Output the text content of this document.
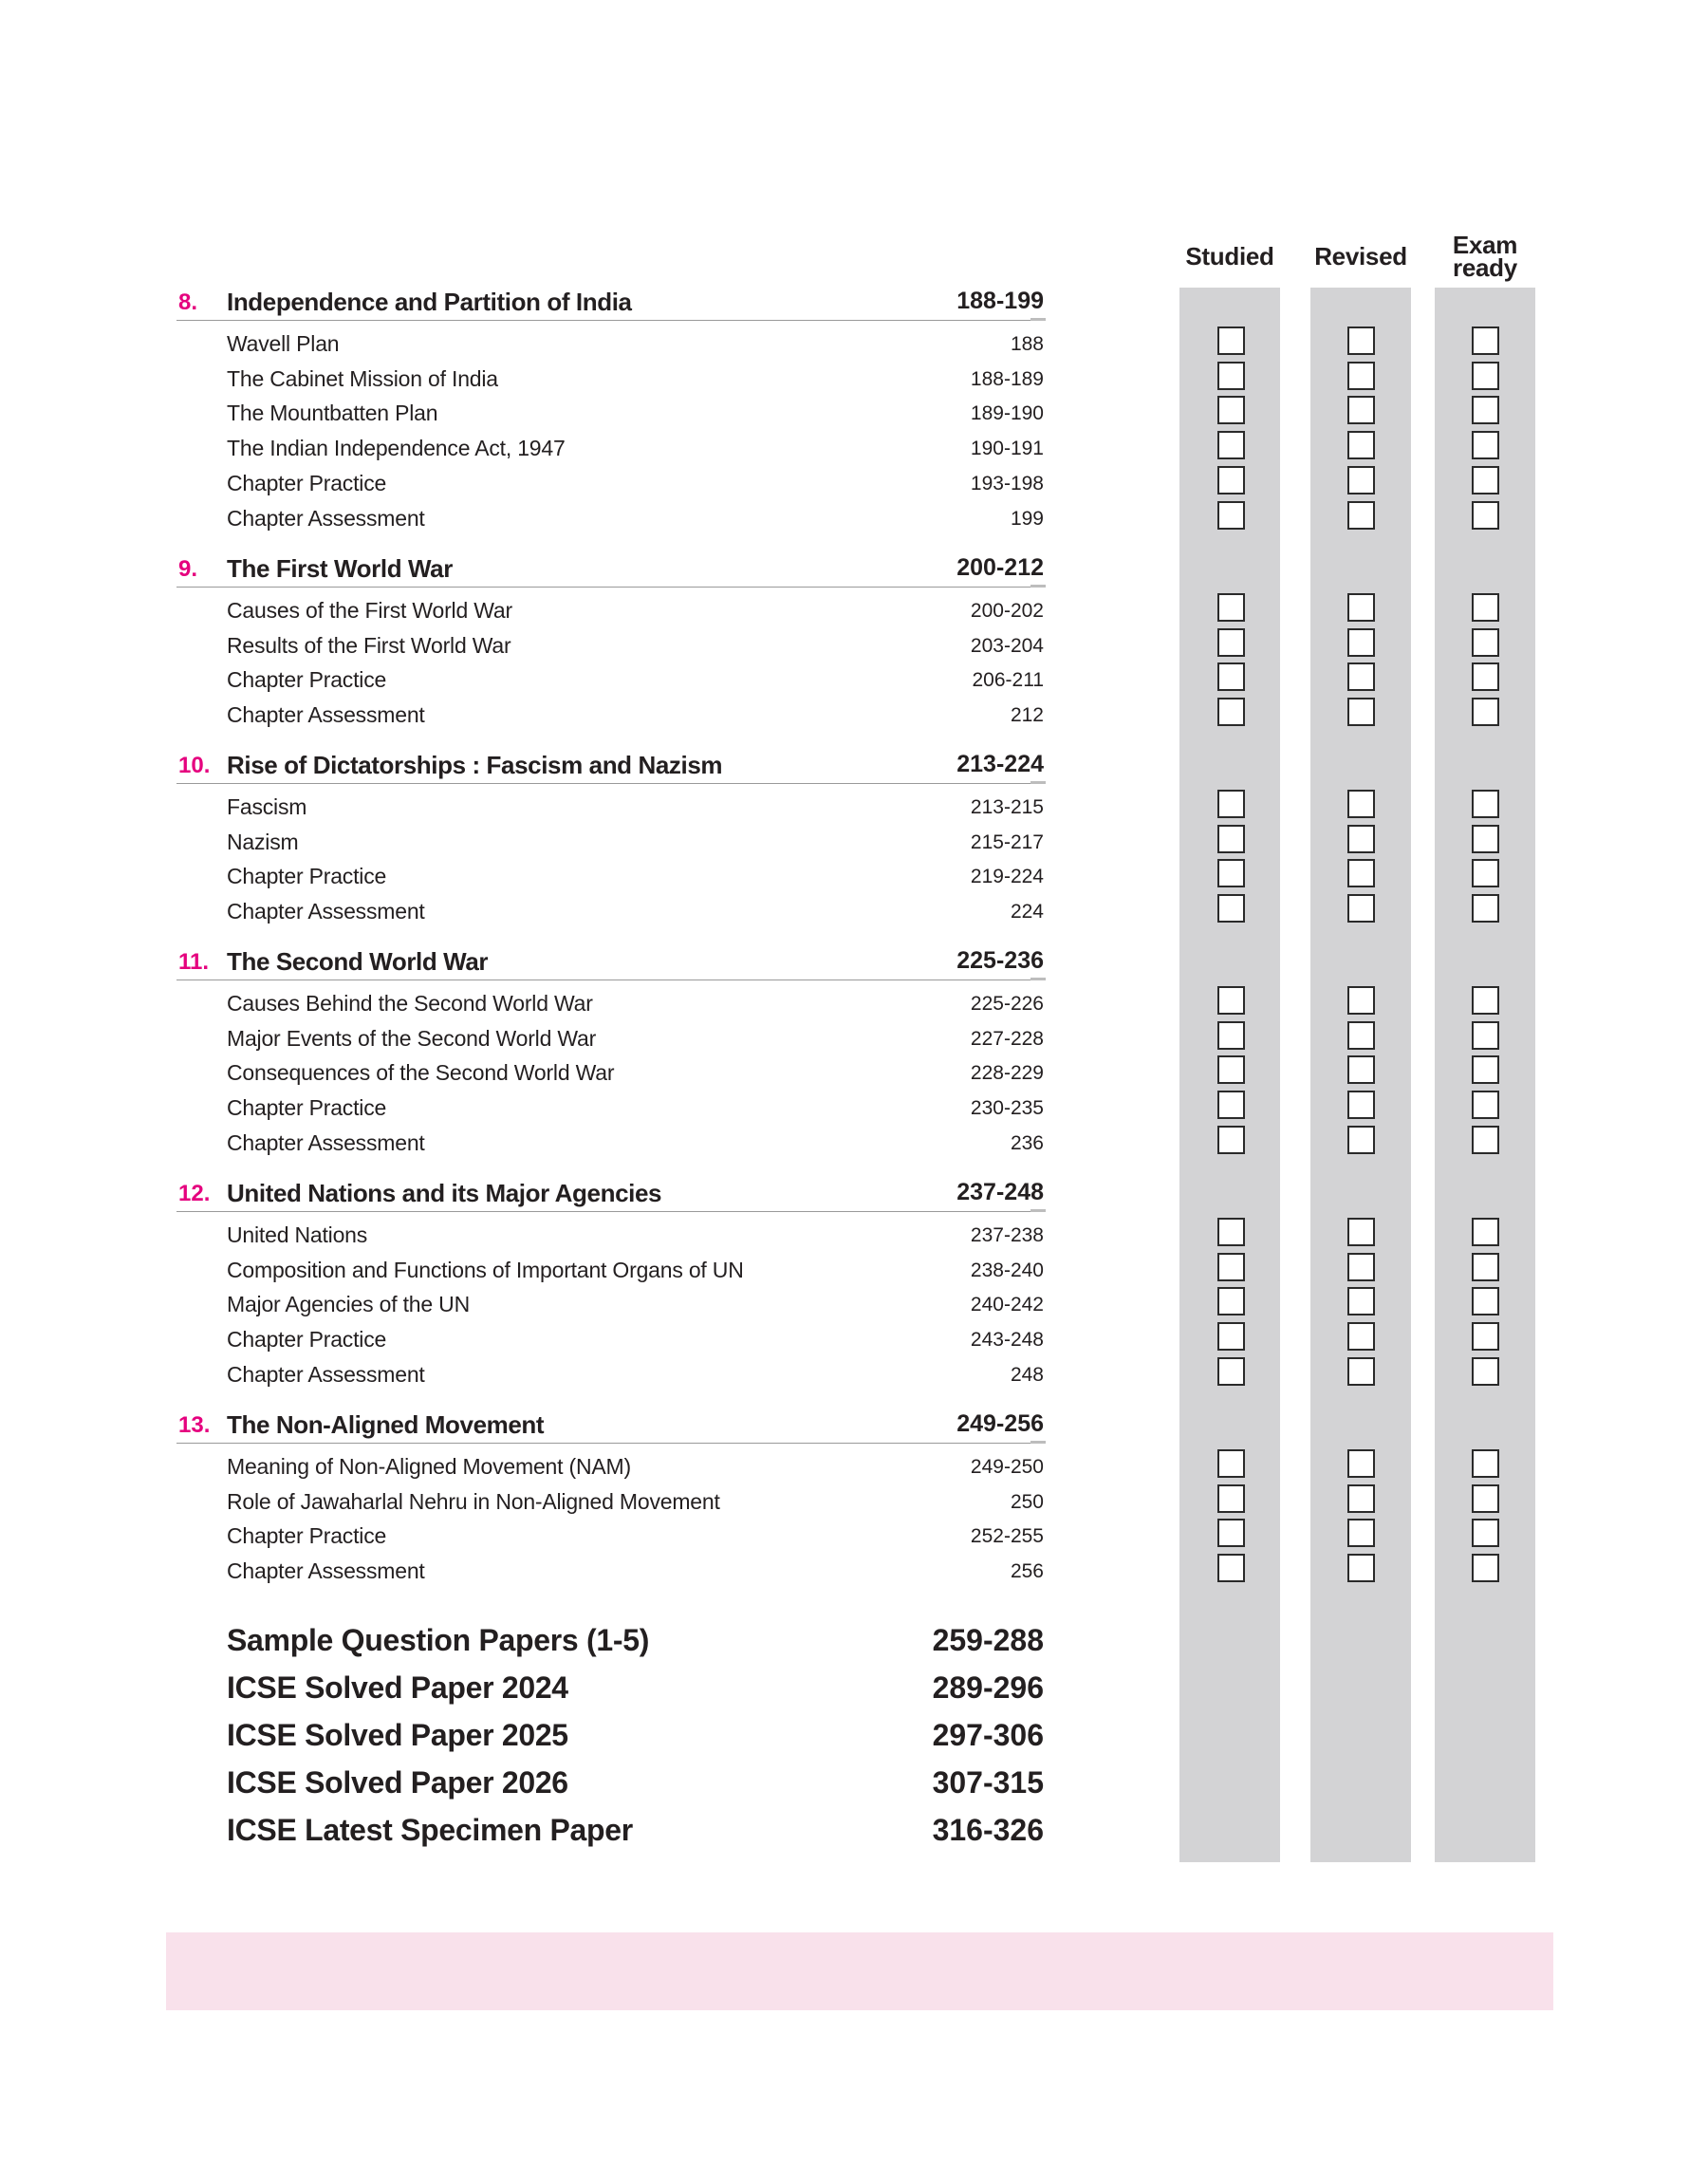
Studied	Revised	Exam
ready
8. Independence and Partition of India	188-199
Wavell Plan	188
The Cabinet Mission of India	188-189
The Mountbatten Plan	189-190
The Indian Independence Act, 1947	190-191
Chapter Practice	193-198
Chapter Assessment	199
9. The First World War	200-212
Causes of the First World War	200-202
Results of the First World War	203-204
Chapter Practice	206-211
Chapter Assessment	212
10. Rise of Dictatorships : Fascism and Nazism	213-224
Fascism	213-215
Nazism	215-217
Chapter Practice	219-224
Chapter Assessment	224
11. The Second World War	225-236
Causes Behind the Second World War	225-226
Major Events of the Second World War	227-228
Consequences of the Second World War	228-229
Chapter Practice	230-235
Chapter Assessment	236
12. United Nations and its Major Agencies	237-248
United Nations	237-238
Composition and Functions of Important Organs of UN	238-240
Major Agencies of the UN	240-242
Chapter Practice	243-248
Chapter Assessment	248
13. The Non-Aligned Movement	249-256
Meaning of Non-Aligned Movement (NAM)	249-250
Role of Jawaharlal Nehru in Non-Aligned Movement	250
Chapter Practice	252-255
Chapter Assessment	256
Sample Question Papers (1-5)	259-288
ICSE Solved Paper 2024	289-296
ICSE Solved Paper 2025	297-306
ICSE Solved Paper 2026	307-315
ICSE Latest Specimen Paper	316-326
